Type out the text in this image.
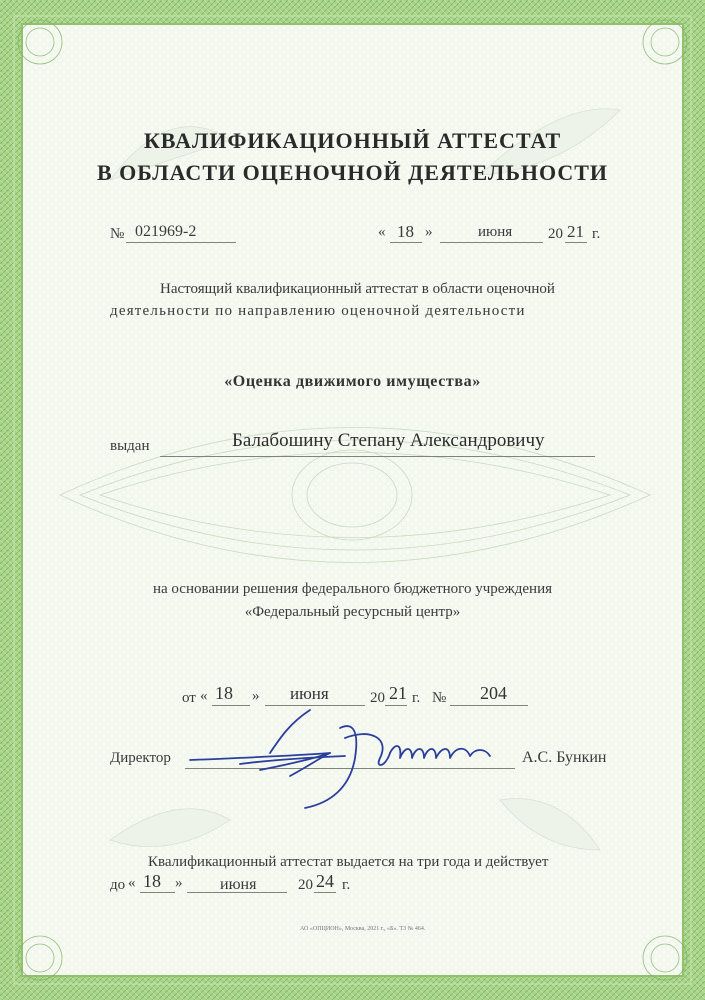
КВАЛИФИКАЦИОННЫЙ АТТЕСТАТ
В ОБЛАСТИ ОЦЕНОЧНОЙ ДЕЯТЕЛЬНОСТИ
№ 021969-2	« 18 »	июня 20 21 г.
Настоящий квалификационный аттестат в области оценочной
деятельности по направлению оценочной деятельности
«Оценка движимого имущества»
выдан	Балабошину Степану Александровичу
на основании решения федерального бюджетного учреждения
«Федеральный ресурсный центр»
от « 18 » июня	20 21 г. № 204
Директор	А.С. Бункин
Квалификационный аттестат выдается на три года и действует
до « 18 » июня	20 24 г.
АО «ОПЦИОН», Москва, 2021 г., «Б». Т3 № 464.
